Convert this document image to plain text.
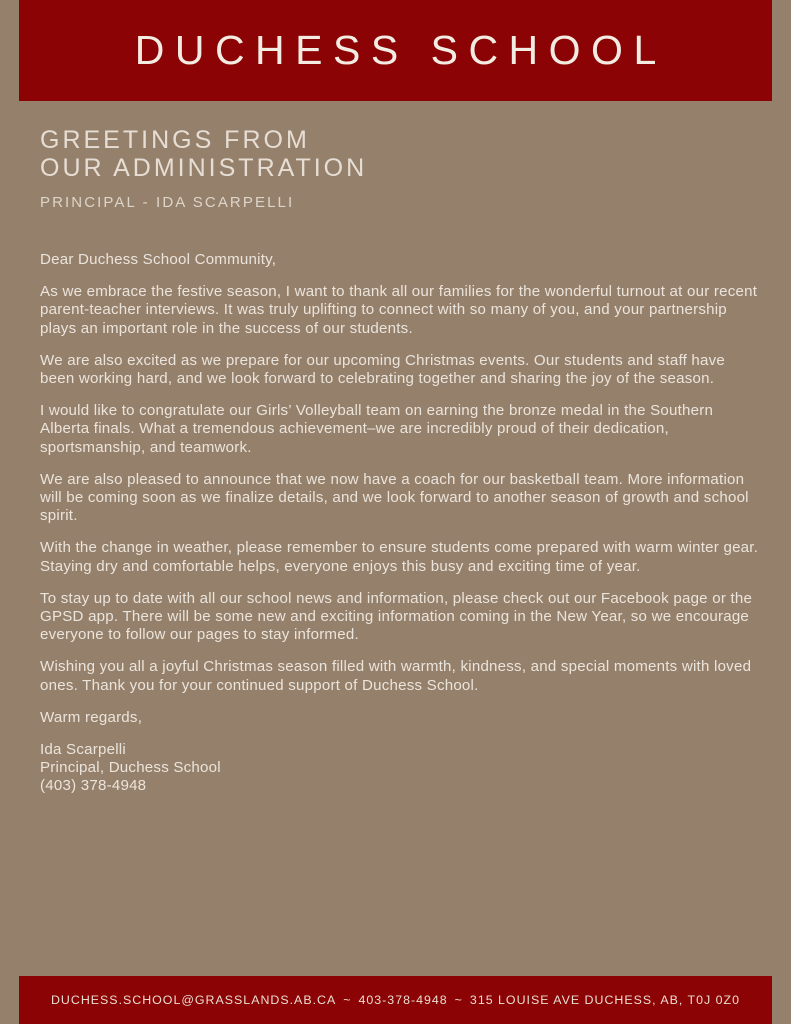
DUCHESS SCHOOL
GREETINGS FROM
OUR ADMINISTRATION
PRINCIPAL - IDA SCARPELLI

Dear Duchess School Community,

As we embrace the festive season, I want to thank all our families for the wonderful turnout at our recent parent-teacher interviews. It was truly uplifting to connect with so many of you, and your partnership plays an important role in the success of our students.

We are also excited as we prepare for our upcoming Christmas events. Our students and staff have been working hard, and we look forward to celebrating together and sharing the joy of the season.

I would like to congratulate our Girls’ Volleyball team on earning the bronze medal in the Southern Alberta finals. What a tremendous achievement–we are incredibly proud of their dedication, sportsmanship, and teamwork.

We are also pleased to announce that we now have a coach for our basketball team. More information will be coming soon as we finalize details, and we look forward to another season of growth and school spirit.

With the change in weather, please remember to ensure students come prepared with warm winter gear. Staying dry and comfortable helps, everyone enjoys this busy and exciting time of year.

To stay up to date with all our school news and information, please check out our Facebook page or the GPSD app. There will be some new and exciting information coming in the New Year, so we encourage everyone to follow our pages to stay informed.

Wishing you all a joyful Christmas season filled with warmth, kindness, and special moments with loved ones. Thank you for your continued support of Duchess School.

Warm regards,

Ida Scarpelli

Principal, Duchess School

(403) 378-4948

DUCHESS.SCHOOL@GRASSLANDS.AB.CA ~ 403-378-4948 ~ 315 LOUISE AVE DUCHESS, AB, T0J 0Z0
